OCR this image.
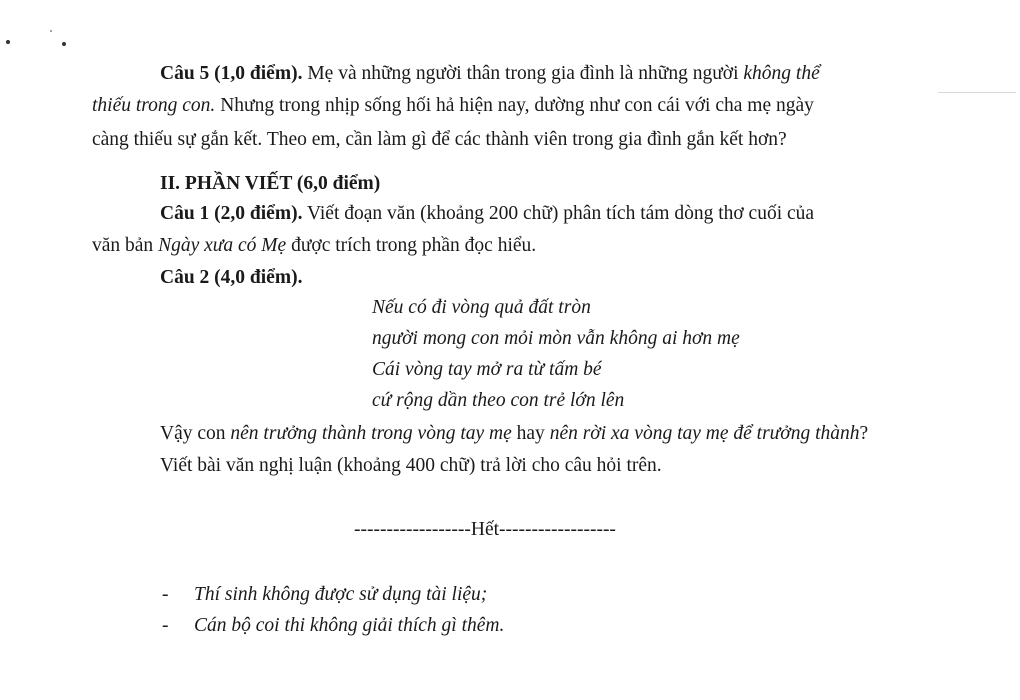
Câu 5 (1,0 điểm). Mẹ và những người thân trong gia đình là những người không thể
thiếu trong con. Nhưng trong nhịp sống hối hả hiện nay, dường như con cái với cha mẹ ngày
càng thiếu sự gắn kết. Theo em, cần làm gì để các thành viên trong gia đình gắn kết hơn?
II. PHẦN VIẾT (6,0 điểm)
Câu 1 (2,0 điểm). Viết đoạn văn (khoảng 200 chữ) phân tích tám dòng thơ cuối của
văn bản Ngày xưa có Mẹ được trích trong phần đọc hiểu.
Câu 2 (4,0 điểm).
Nếu có đi vòng quả đất tròn
người mong con mỏi mòn vẫn không ai hơn mẹ
Cái vòng tay mở ra từ tấm bé
cứ rộng dần theo con trẻ lớn lên
Vậy con nên trưởng thành trong vòng tay mẹ hay nên rời xa vòng tay mẹ để trưởng thành?
Viết bài văn nghị luận (khoảng 400 chữ) trả lời cho câu hỏi trên.
------------------Hết------------------
- Thí sinh không được sử dụng tài liệu;
- Cán bộ coi thi không giải thích gì thêm.
